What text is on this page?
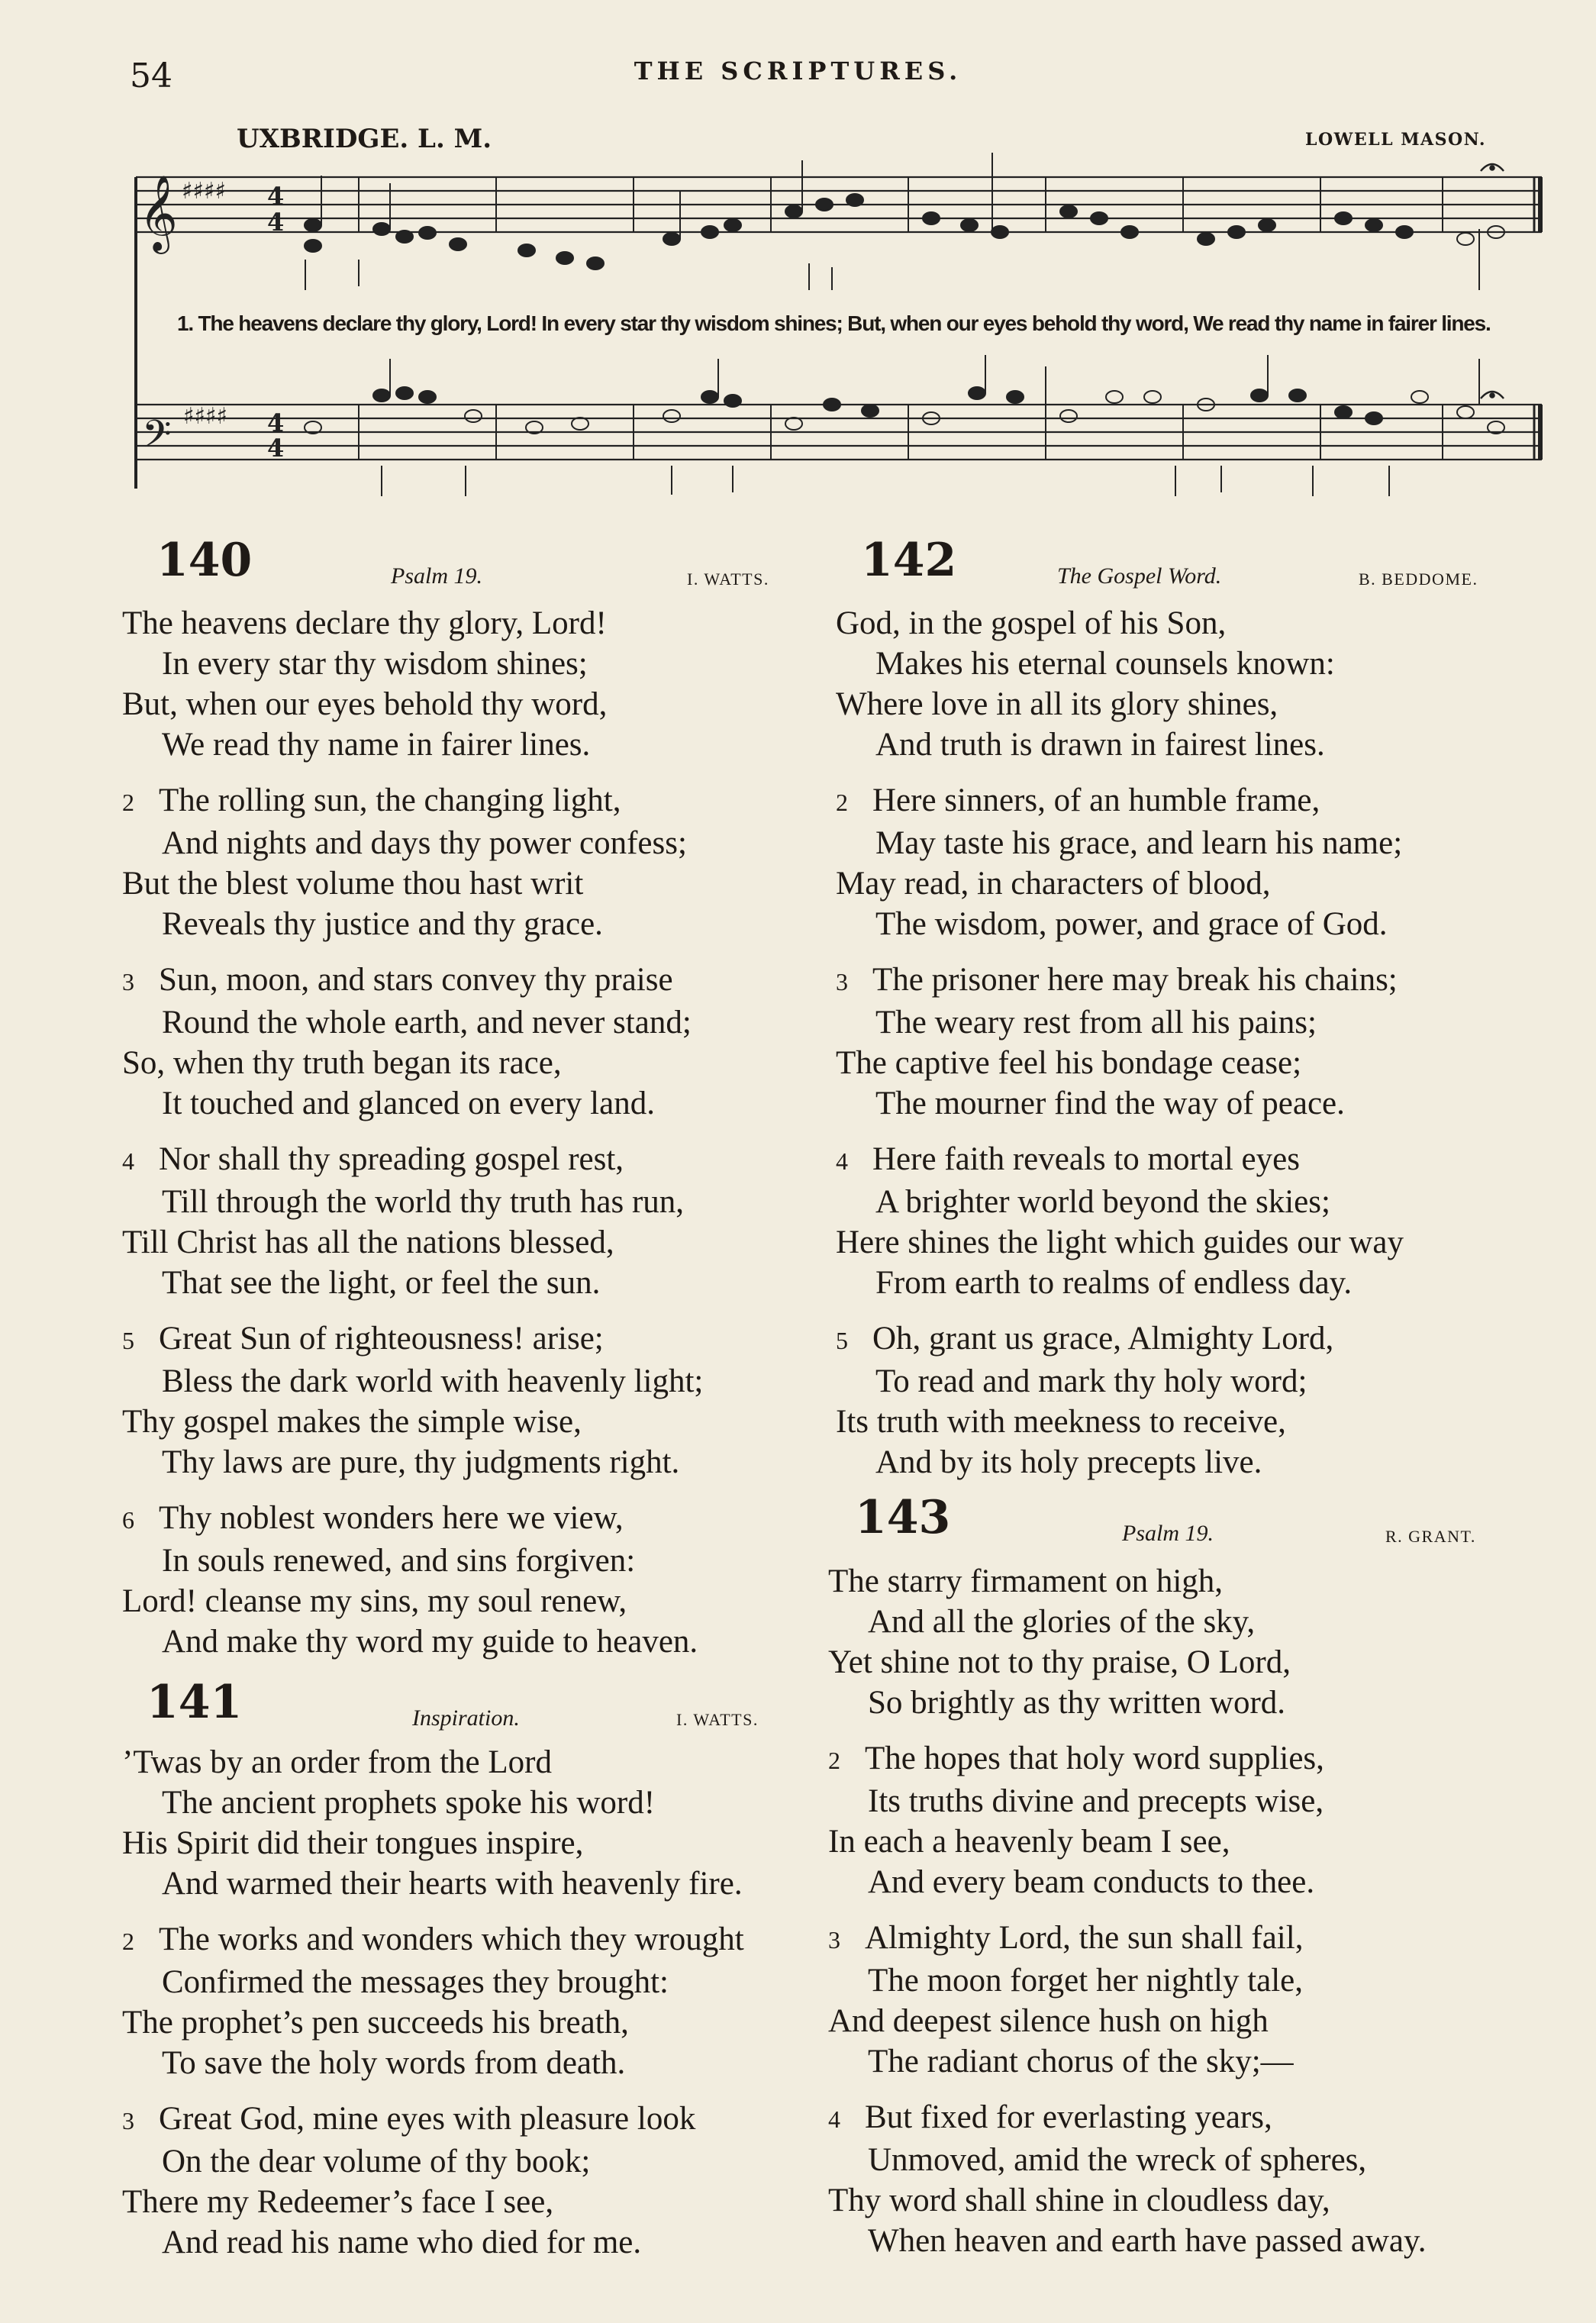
54	THE SCRIPTURES.
UXBRIDGE. L. M.	LOWELL MASON.
𝄞
𝄢
♯♯♯♯
♯♯♯♯
4
4
4
4
1. The heavens declare thy glory, Lord! In every star thy wisdom shines; But, when our eyes behold thy word, We read thy name in fairer lines.
140	Psalm 19.	I. WATTS.
The heavens declare thy glory, Lord!
In every star thy wisdom shines;
But, when our eyes behold thy word,
We read thy name in fairer lines.
2 The rolling sun, the changing light,
And nights and days thy power confess;
But the blest volume thou hast writ
Reveals thy justice and thy grace.
3 Sun, moon, and stars convey thy praise
Round the whole earth, and never stand;
So, when thy truth began its race,
It touched and glanced on every land.
4 Nor shall thy spreading gospel rest,
Till through the world thy truth has run,
Till Christ has all the nations blessed,
That see the light, or feel the sun.
5 Great Sun of righteousness! arise;
Bless the dark world with heavenly light;
Thy gospel makes the simple wise,
Thy laws are pure, thy judgments right.
6 Thy noblest wonders here we view,
In souls renewed, and sins forgiven:
Lord! cleanse my sins, my soul renew,
And make thy word my guide to heaven.
141	Inspiration.	I. WATTS.
’Twas by an order from the Lord
The ancient prophets spoke his word!
His Spirit did their tongues inspire,
And warmed their hearts with heavenly fire.
2 The works and wonders which they wrought
Confirmed the messages they brought:
The prophet’s pen succeeds his breath,
To save the holy words from death.
3 Great God, mine eyes with pleasure look
On the dear volume of thy book;
There my Redeemer’s face I see,
And read his name who died for me.
142	The Gospel Word.	B. BEDDOME.
God, in the gospel of his Son,
Makes his eternal counsels known:
Where love in all its glory shines,
And truth is drawn in fairest lines.
2 Here sinners, of an humble frame,
May taste his grace, and learn his name;
May read, in characters of blood,
The wisdom, power, and grace of God.
3 The prisoner here may break his chains;
The weary rest from all his pains;
The captive feel his bondage cease;
The mourner find the way of peace.
4 Here faith reveals to mortal eyes
A brighter world beyond the skies;
Here shines the light which guides our way
From earth to realms of endless day.
5 Oh, grant us grace, Almighty Lord,
To read and mark thy holy word;
Its truth with meekness to receive,
And by its holy precepts live.
143	Psalm 19.	R. GRANT.
The starry firmament on high,
And all the glories of the sky,
Yet shine not to thy praise, O Lord,
So brightly as thy written word.
2 The hopes that holy word supplies,
Its truths divine and precepts wise,
In each a heavenly beam I see,
And every beam conducts to thee.
3 Almighty Lord, the sun shall fail,
The moon forget her nightly tale,
And deepest silence hush on high
The radiant chorus of the sky;—
4 But fixed for everlasting years,
Unmoved, amid the wreck of spheres,
Thy word shall shine in cloudless day,
When heaven and earth have passed away.
